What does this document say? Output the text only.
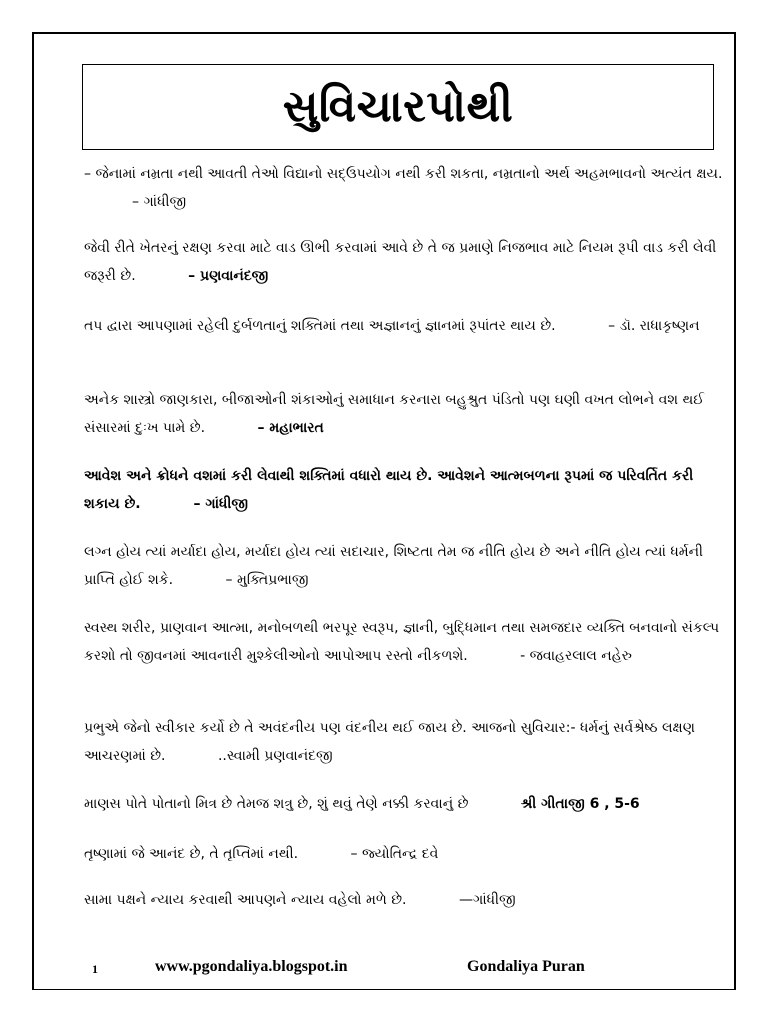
સુવિચારપોથી

– જેનામાં નમ્રતા નથી આવતી તેઓ વિદ્યાનો સદ્‍ઉપયોગ નથી કરી શકતા, નમ્રતાનો અર્થ અહમભાવનો અત્યંત ક્ષય. – ગાંધીજી

જેવી રીતે ખેતરનું રક્ષણ કરવા માટે વાડ ઊભી કરવામાં આવે છે તે જ પ્રમાણે નિજભાવ માટે નિયમ રૂપી વાડ કરી લેવી જરૂરી છે.	– પ્રણવાનંદજી

તપ દ્વારા આપણામાં રહેલી દુર્બળતાનું શક્તિમાં તથા અજ્ઞાનનું જ્ઞાનમાં રૂપાંતર થાય છે.	– ડૉ. રાધાકૃષ્ણન

અનેક શાસ્ત્રો જાણકારા, બીજાઓની શંકાઓનું સમાધાન કરનારા બહુશ્રુત પંડિતો પણ ઘણી વખત લોભને વશ થઈ સંસારમાં દુઃખ પામે છે.	– મહાભારત

આવેશ અને ક્રોધને વશમાં કરી લેવાથી શક્તિમાં વધારો થાય છે. આવેશને આત્મબળના રૂપમાં જ પરિવર્તિત કરી શકાય છે.	– ગાંધીજી

લગ્ન હોય ત્યાં મર્યાદા હોય, મર્યાદા હોય ત્યાં સદાચાર, શિષ્ટતા તેમ જ નીતિ હોય છે અને નીતિ હોય ત્યાં ધર્મની પ્રાપ્તિ હોઈ શકે.	– મુક્તિપ્રભાજી

સ્વસ્થ શરીર, પ્રાણવાન આત્મા, મનોબળથી ભરપૂર સ્વરૂપ, જ્ઞાની, બુદ્ધિમાન તથા સમજદાર વ્યક્તિ બનવાનો સંકલ્પ કરશો તો જીવનમાં આવનારી મુશ્કેલીઓનો આપોઆપ રસ્તો નીકળશે.	- જવાહરલાલ નહેરુ

પ્રભુએ જેનો સ્વીકાર કર્યો છે તે અવંદનીય પણ વંદનીય થઈ જાય છે. આજનો સુવિચાર:- ધર્મનું સર્વશ્રેષ્ઠ લક્ષણ આચરણમાં છે.	..સ્વામી પ્રણવાનંદજી

માણસ પોતે પોતાનો મિત્ર છે તેમજ શત્રુ છે, શું થવું તેણે નક્કી કરવાનું છે	શ્રી ગીતાજી 6 , 5-6

તૃષ્ણામાં જે આનંદ છે, તે તૃપ્તિમાં નથી.	– જ્યોતિન્દ્ર દવે

સામા પક્ષને ન્યાય કરવાથી આપણને ન્યાય વહેલો મળે છે.	—ગાંધીજી

1	www.pgondaliya.blogspot.in	Gondaliya Puran
